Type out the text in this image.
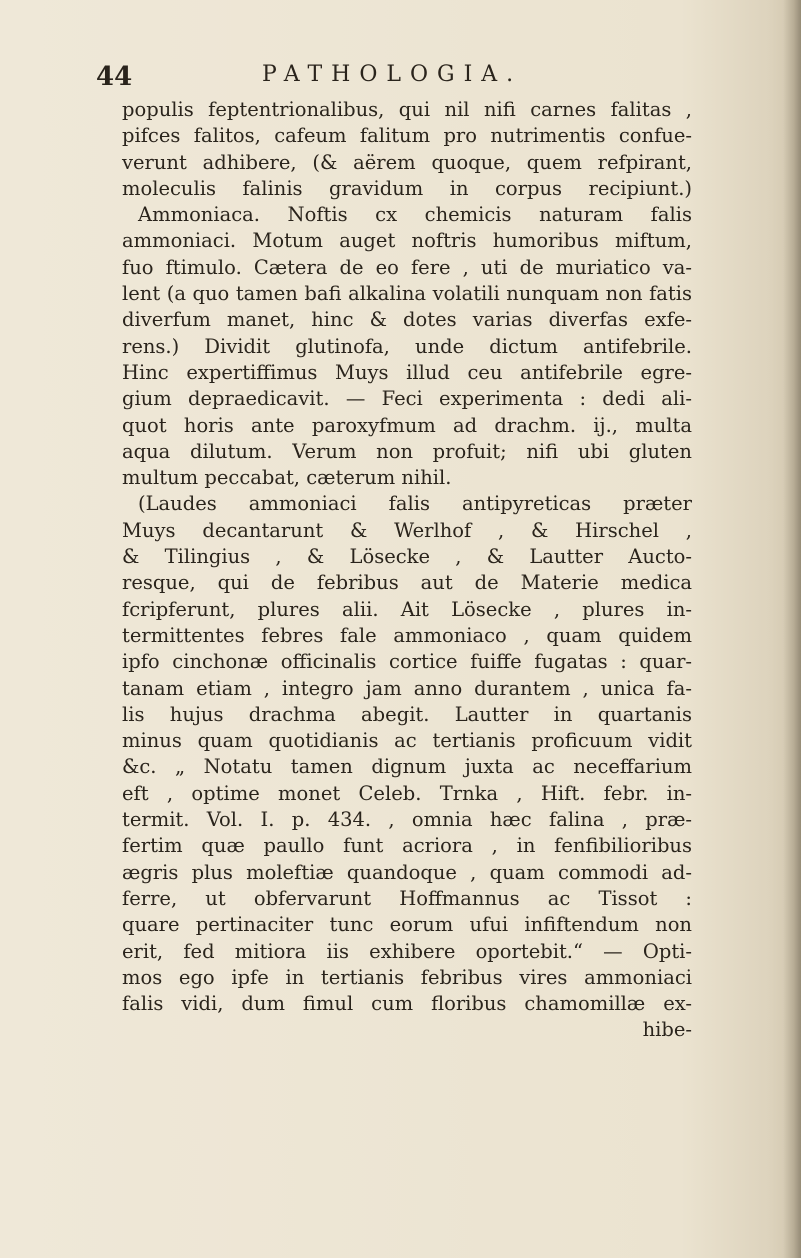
44	PATHOLOGIA.
populis feptentrionalibus, qui nil nifi carnes falitas ,
pifces falitos, cafeum falitum pro nutrimentis confue-
verunt adhibere, (& aërem quoque, quem refpirant,
moleculis falinis gravidum in corpus recipiunt.)
Ammoniaca. Noftis cx chemicis naturam falis
ammoniaci. Motum auget noftris humoribus miftum,
fuo ftimulo. Cætera de eo fere , uti de muriatico va-
lent (a quo tamen bafi alkalina volatili nunquam non fatis
diverfum manet, hinc & dotes varias diverfas exfe-
rens.) Dividit glutinofa, unde dictum antifebrile.
Hinc expertiffimus Muys illud ceu antifebrile egre-
gium depraedicavit. — Feci experimenta : dedi ali-
quot horis ante paroxyfmum ad drachm. ij., multa
aqua dilutum. Verum non profuit; nifi ubi gluten
multum peccabat, cæterum nihil.
(Laudes ammoniaci falis antipyreticas præter
Muys decantarunt & Werlhof , & Hirschel ,
& Tilingius , & Lösecke , & Lautter Aucto-
resque, qui de febribus aut de Materie medica
fcripferunt, plures alii. Ait Lösecke , plures in-
termittentes febres fale ammoniaco , quam quidem
ipfo cinchonæ officinalis cortice fuiffe fugatas : quar-
tanam etiam , integro jam anno durantem , unica fa-
lis hujus drachma abegit. Lautter in quartanis
minus quam quotidianis ac tertianis proficuum vidit
&c. „ Notatu tamen dignum juxta ac neceffarium
eft , optime monet Celeb. Trnka , Hift. febr. in-
termit. Vol. I. p. 434. , omnia hæc falina , præ-
fertim quæ paullo funt acriora , in fenfibilioribus
ægris plus moleftiæ quandoque , quam commodi ad-
ferre, ut obfervarunt Hoffmannus ac Tissot :
quare pertinaciter tunc eorum ufui infiftendum non
erit, fed mitiora iis exhibere oportebit.“ — Opti-
mos ego ipfe in tertianis febribus vires ammoniaci
falis vidi, dum fimul cum floribus chamomillæ ex-
hibe-
